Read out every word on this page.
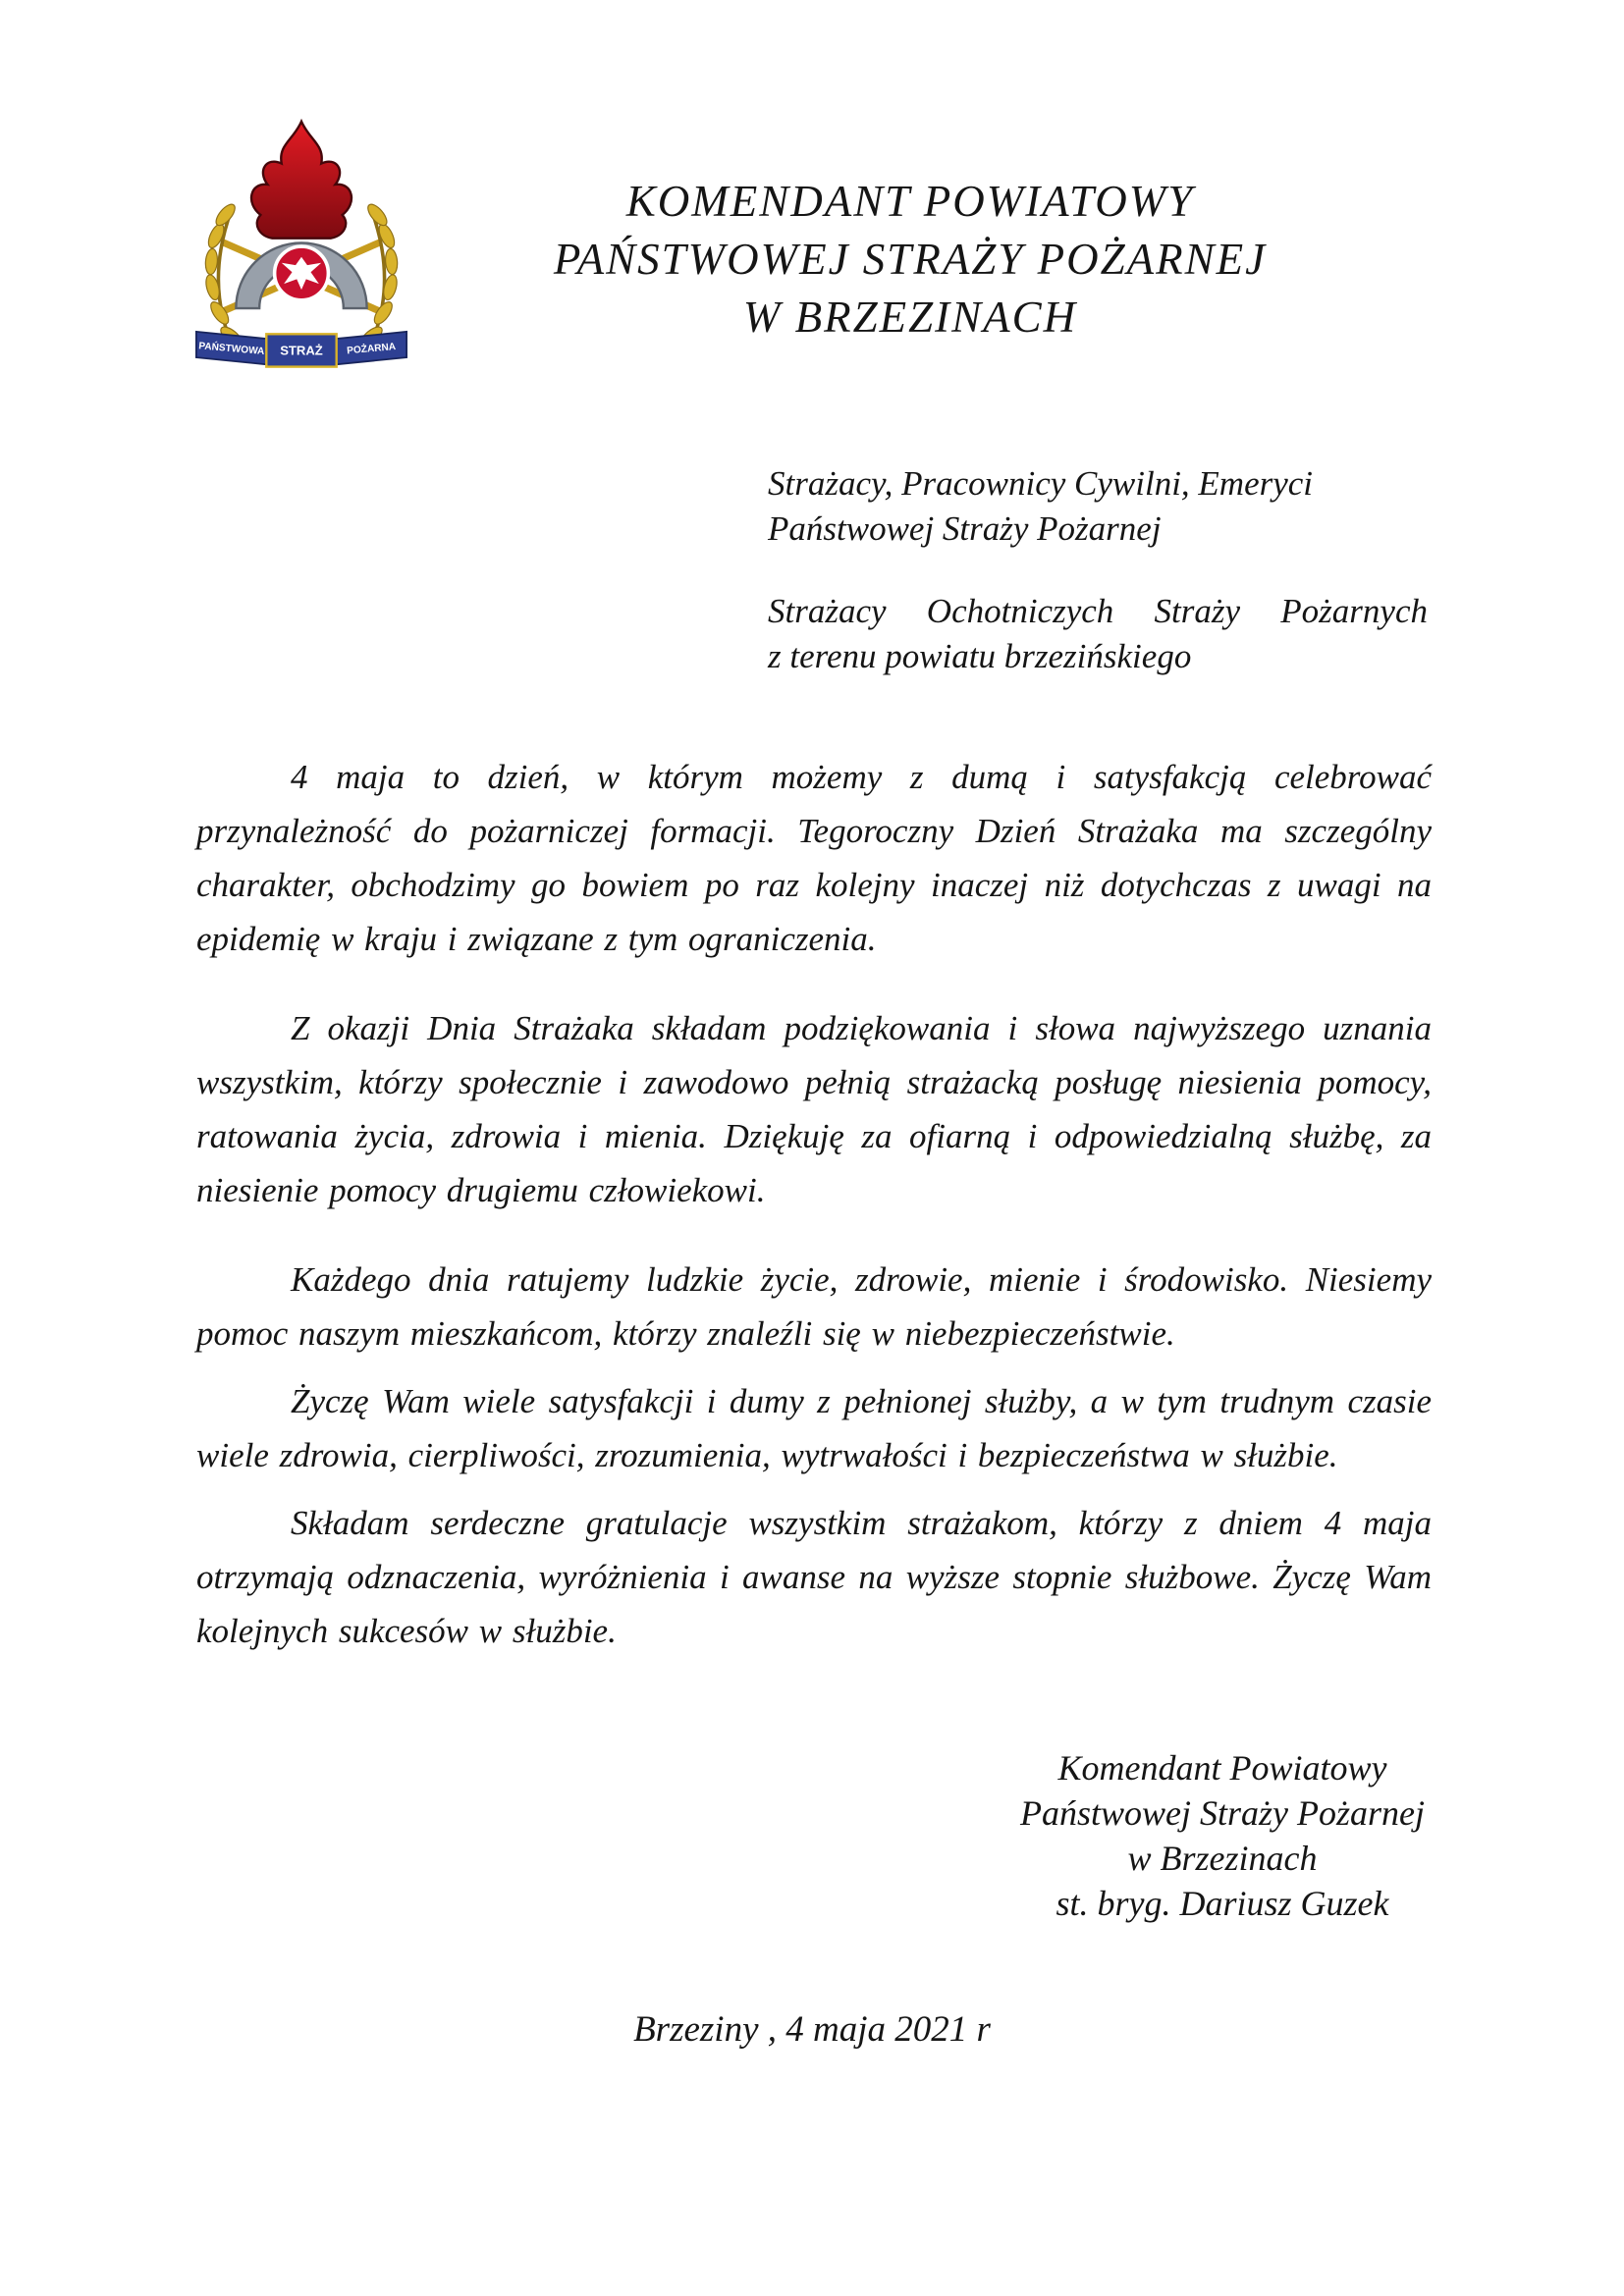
PAŃSTWOWA STRAŻ	POŻARNA
KOMENDANT POWIATOWY
PAŃSTWOWEJ STRAŻY POŻARNEJ
W BRZEZINACH
Strażacy, Pracownicy Cywilni, Emeryci
Państwowej Straży Pożarnej
Strażacy Ochotniczych Straży Pożarnych
z terenu powiatu brzezińskiego

4 maja to dzień, w którym możemy z dumą i satysfakcją celebrować przynależność do pożarniczej formacji. Tegoroczny Dzień Strażaka ma szczególny charakter, obchodzimy go bowiem po raz kolejny inaczej niż dotychczas z uwagi na epidemię w kraju i związane z tym ograniczenia.

Z okazji Dnia Strażaka składam podziękowania i słowa najwyższego uznania wszystkim, którzy społecznie i zawodowo pełnią strażacką posługę niesienia pomocy, ratowania życia, zdrowia i mienia. Dziękuję za ofiarną i odpowiedzialną służbę, za niesienie pomocy drugiemu człowiekowi.

Każdego dnia ratujemy ludzkie życie, zdrowie, mienie i środowisko. Niesiemy pomoc naszym mieszkańcom, którzy znaleźli się w niebezpieczeństwie.

Życzę Wam wiele satysfakcji i dumy z pełnionej służby, a w tym trudnym czasie wiele zdrowia, cierpliwości, zrozumienia, wytrwałości i bezpieczeństwa w służbie.

Składam serdeczne gratulacje wszystkim strażakom, którzy z dniem 4 maja otrzymają odznaczenia, wyróżnienia i awanse na wyższe stopnie służbowe. Życzę Wam kolejnych sukcesów w służbie.

Komendant Powiatowy
Państwowej Straży Pożarnej
w Brzezinach
st. bryg. Dariusz Guzek
Brzeziny , 4 maja 2021 r
